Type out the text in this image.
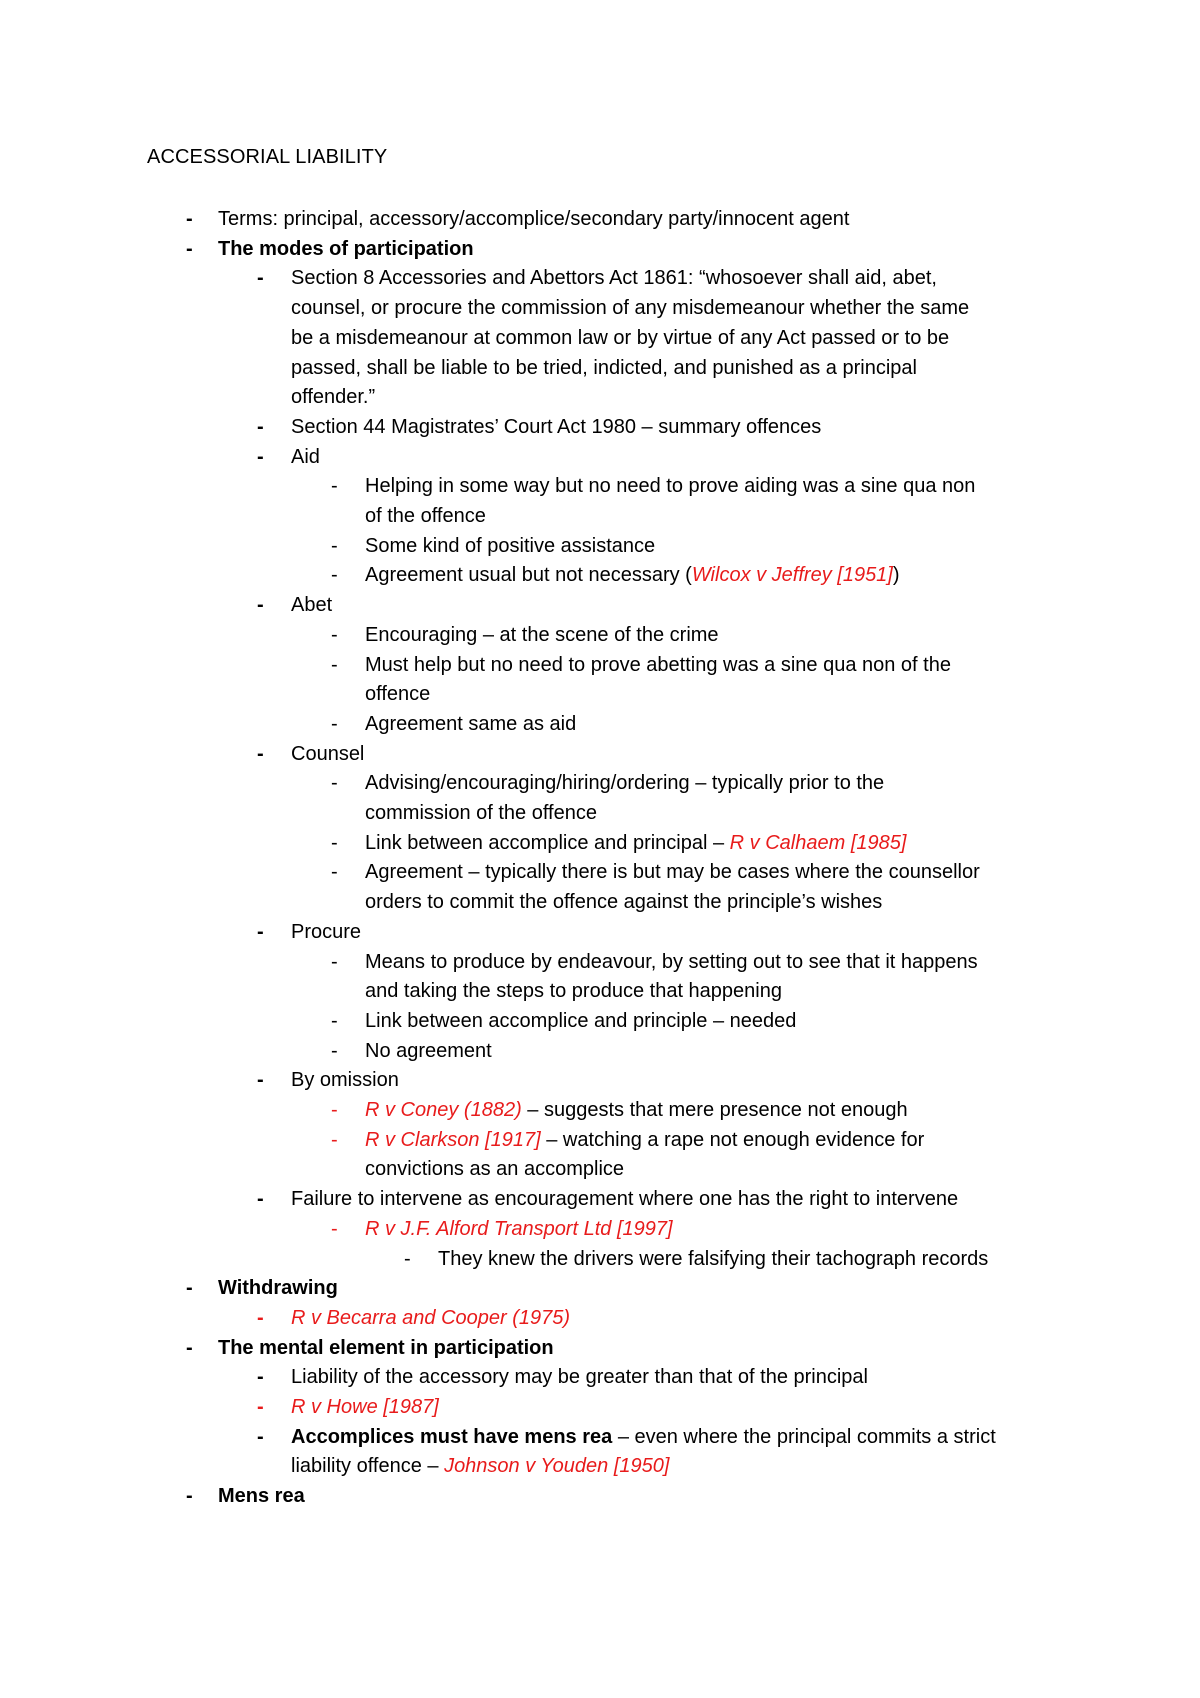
ACCESSORIAL LIABILITY
- Terms: principal, accessory/accomplice/secondary party/innocent agent
- The modes of participation
- Section 8 Accessories and Abettors Act 1861: “whosoever shall aid, abet,
counsel, or procure the commission of any misdemeanour whether the same
be a misdemeanour at common law or by virtue of any Act passed or to be
passed, shall be liable to be tried, indicted, and punished as a principal
offender.”
- Section 44 Magistrates’ Court Act 1980 – summary offences
- Aid
- Helping in some way but no need to prove aiding was a sine qua non
of the offence
- Some kind of positive assistance
- Agreement usual but not necessary (Wilcox v Jeffrey [1951])
- Abet
- Encouraging – at the scene of the crime
- Must help but no need to prove abetting was a sine qua non of the
offence
- Agreement same as aid
- Counsel
- Advising/encouraging/hiring/ordering – typically prior to the
commission of the offence
- Link between accomplice and principal – R v Calhaem [1985]
- Agreement – typically there is but may be cases where the counsellor
orders to commit the offence against the principle’s wishes
- Procure
- Means to produce by endeavour, by setting out to see that it happens
and taking the steps to produce that happening
- Link between accomplice and principle – needed
- No agreement
- By omission
- R v Coney (1882) – suggests that mere presence not enough
- R v Clarkson [1917] – watching a rape not enough evidence for
convictions as an accomplice
- Failure to intervene as encouragement where one has the right to intervene
- R v J.F. Alford Transport Ltd [1997]
- They knew the drivers were falsifying their tachograph records
- Withdrawing
- R v Becarra and Cooper (1975)
- The mental element in participation
- Liability of the accessory may be greater than that of the principal
- R v Howe [1987]
- Accomplices must have mens rea – even where the principal commits a strict
liability offence – Johnson v Youden [1950]
- Mens rea
